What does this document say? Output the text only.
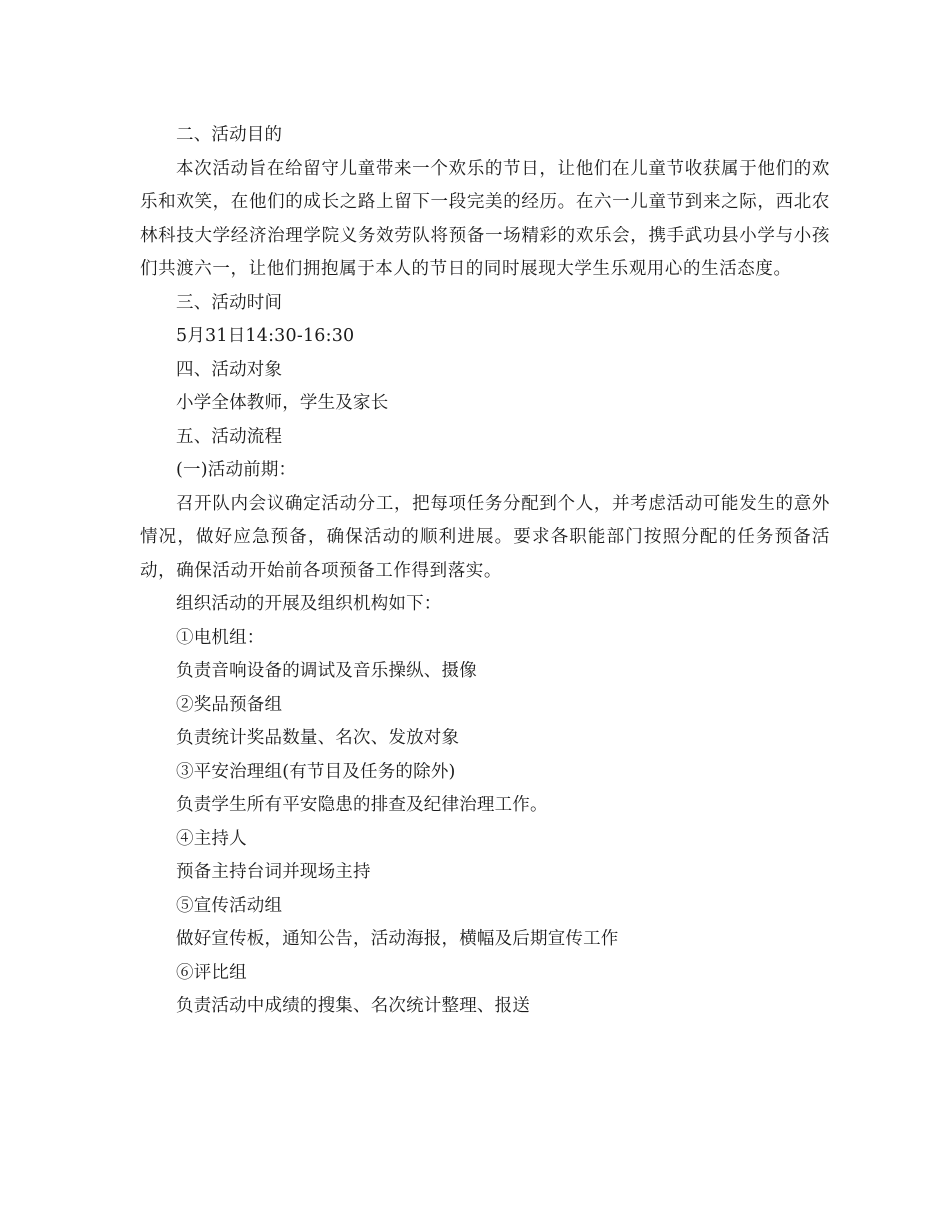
二、活动目的
本次活动旨在给留守儿童带来一个欢乐的节日，让他们在儿童节收获属于他们的欢乐和欢笑，在他们的成长之路上留下一段完美的经历。在六一儿童节到来之际，西北农林科技大学经济治理学院义务效劳队将预备一场精彩的欢乐会，携手武功县小学与小孩们共渡六一，让他们拥抱属于本人的节日的同时展现大学生乐观用心的生活态度。
三、活动时间
5月31日14:30-16:30
四、活动对象
小学全体教师，学生及家长
五、活动流程
(一)活动前期：
召开队内会议确定活动分工，把每项任务分配到个人，并考虑活动可能发生的意外情况，做好应急预备，确保活动的顺利进展。要求各职能部门按照分配的任务预备活动，确保活动开始前各项预备工作得到落实。
组织活动的开展及组织机构如下：
①电机组：
负责音响设备的调试及音乐操纵、摄像
②奖品预备组
负责统计奖品数量、名次、发放对象
③平安治理组(有节目及任务的除外)
负责学生所有平安隐患的排查及纪律治理工作。
④主持人
预备主持台词并现场主持
⑤宣传活动组
做好宣传板，通知公告，活动海报，横幅及后期宣传工作
⑥评比组
负责活动中成绩的搜集、名次统计整理、报送
